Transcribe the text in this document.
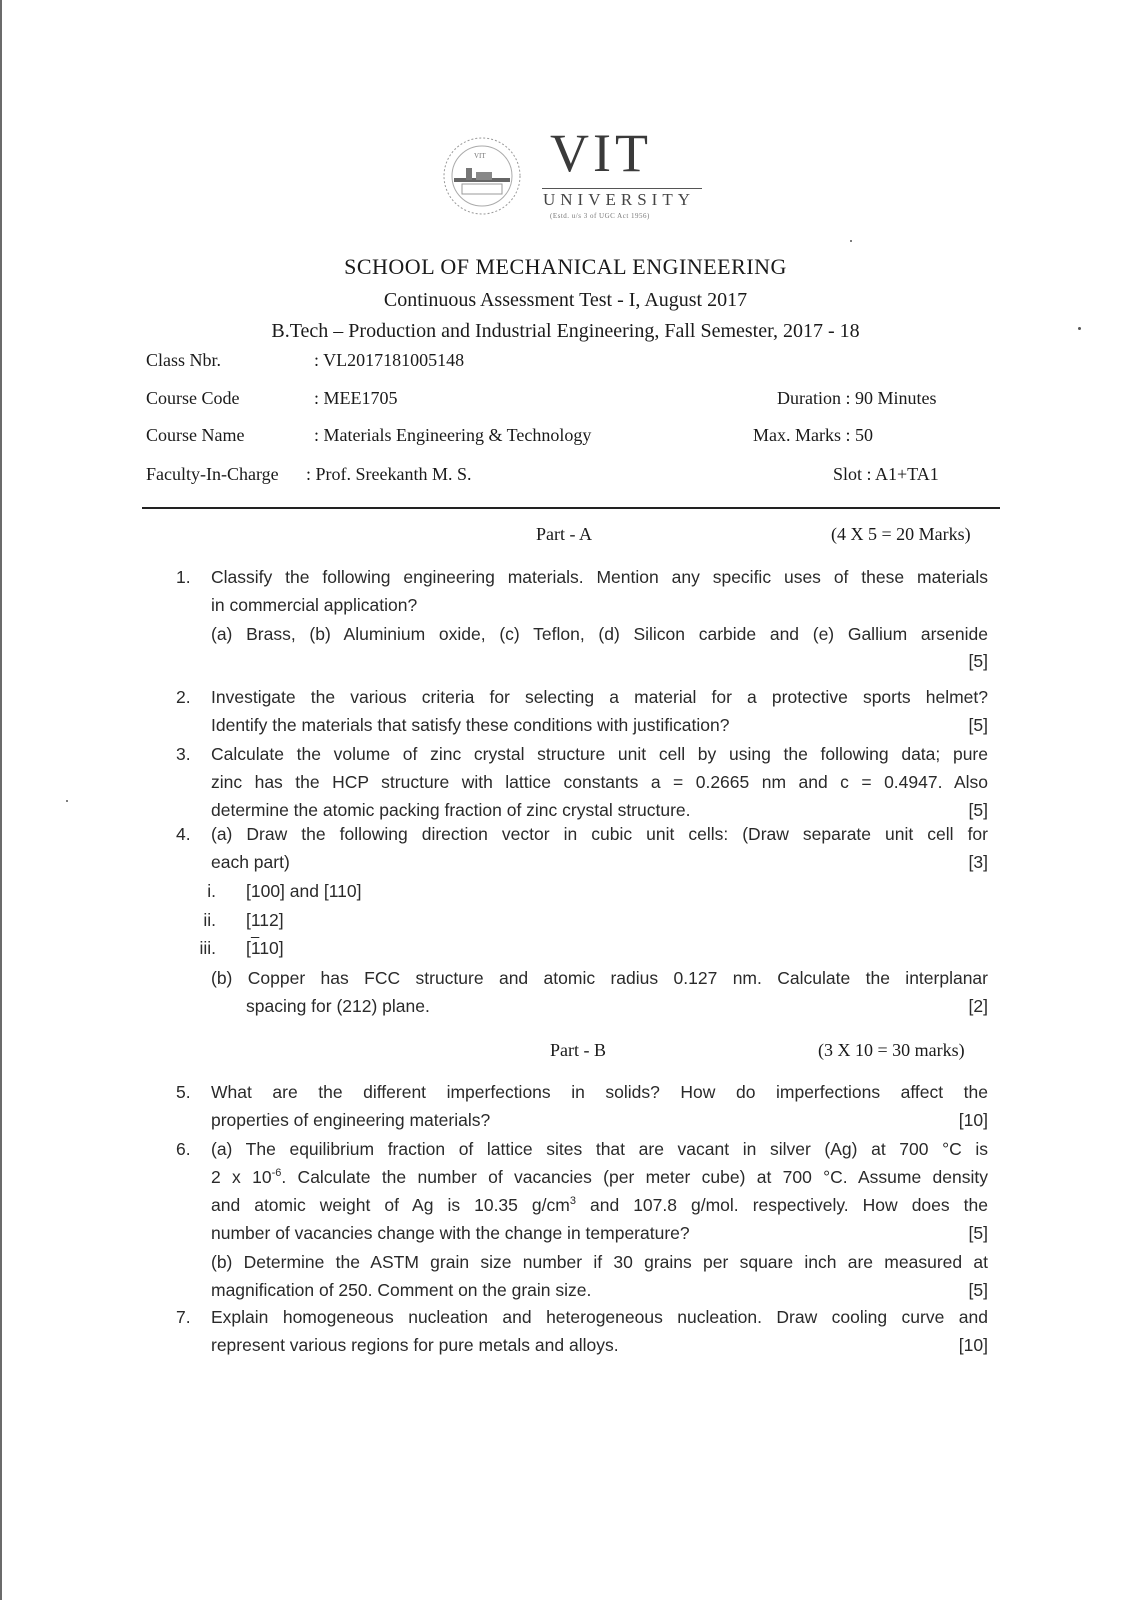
VIT VIT
UNIVERSITY
(Estd. u/s 3 of UGC Act 1956)
SCHOOL OF MECHANICAL ENGINEERING
Continuous Assessment Test - I, August 2017
B.Tech – Production and Industrial Engineering, Fall Semester, 2017 - 18
Class Nbr.	: VL2017181005148
Course Code	: MEE1705	Duration : 90 Minutes
Course Name	: Materials Engineering & Technology	Max. Marks : 50
Faculty-In-Charge : Prof. Sreekanth M. S.	Slot : A1+TA1
Part - A	(4 X 5 = 20 Marks)
1. Classify the following engineering materials. Mention any specific uses of these materials
in commercial application?
(a) Brass, (b) Aluminium oxide, (c) Teflon, (d) Silicon carbide and (e) Gallium arsenide
[5]
2. Investigate the various criteria for selecting a material for a protective sports helmet?
Identify the materials that satisfy these conditions with justification?	[5]
3. Calculate the volume of zinc crystal structure unit cell by using the following data; pure
zinc has the HCP structure with lattice constants a = 0.2665 nm and c = 0.4947. Also
determine the atomic packing fraction of zinc crystal structure.	[5]
4. (a) Draw the following direction vector in cubic unit cells: (Draw separate unit cell for
each part)	[3]
i. [100] and [110]
ii. [112]
iii. [110]
(b) Copper has FCC structure and atomic radius 0.127 nm. Calculate the interplanar
spacing for (212) plane.	[2]
Part - B	(3 X 10 = 30 marks)
5. What are the different imperfections in solids? How do imperfections affect the
properties of engineering materials?	[10]
6. (a) The equilibrium fraction of lattice sites that are vacant in silver (Ag) at 700 °C is
2 x $10^{-6}$. Calculate the number of vacancies (per meter cube) at 700 °C. Assume density
and atomic weight of Ag is 10.35 $g/cm^3$ and 107.8 g/mol. respectively. How does the
number of vacancies change with the change in temperature?	[5]
(b) Determine the ASTM grain size number if 30 grains per square inch are measured at
magnification of 250. Comment on the grain size.	[5]
7. Explain homogeneous nucleation and heterogeneous nucleation. Draw cooling curve and
represent various regions for pure metals and alloys.	[10]
